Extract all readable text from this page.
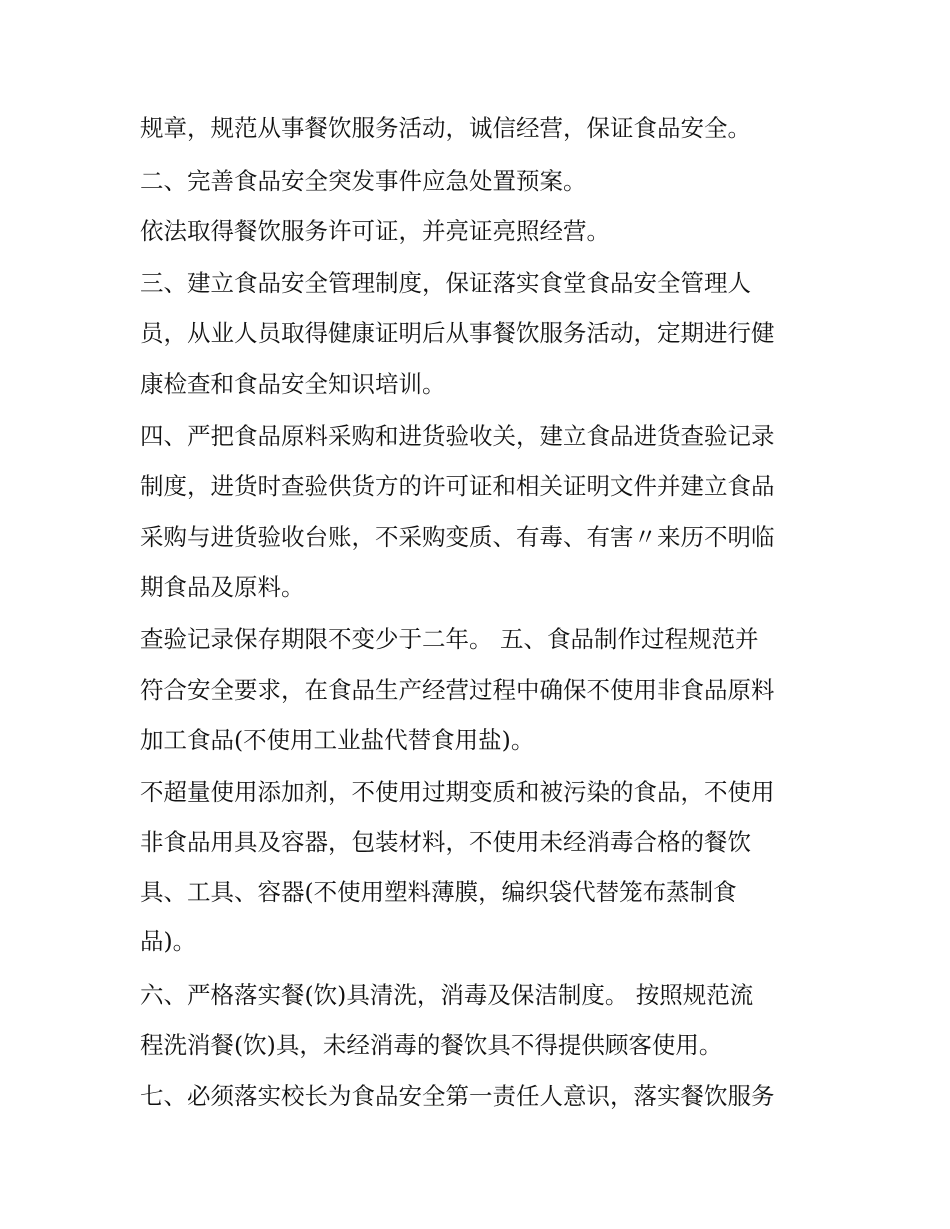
规章，规范从事餐饮服务活动，诚信经营，保证食品安全。
二、完善食品安全突发事件应急处置预案。
依法取得餐饮服务许可证，并亮证亮照经营。
三、建立食品安全管理制度，保证落实食堂食品安全管理人
员，从业人员取得健康证明后从事餐饮服务活动，定期进行健
康检查和食品安全知识培训。
四、严把食品原料采购和进货验收关，建立食品进货查验记录
制度，进货时查验供货方的许可证和相关证明文件并建立食品
采购与进货验收台账，不采购变质、有毒、有害〃来历不明临
期食品及原料。
查验记录保存期限不变少于二年。 五、食品制作过程规范并
符合安全要求，在食品生产经营过程中确保不使用非食品原料
加工食品(不使用工业盐代替食用盐)。
不超量使用添加剂，不使用过期变质和被污染的食品，不使用
非食品用具及容器，包装材料，不使用未经消毒合格的餐饮
具、工具、容器(不使用塑料薄膜，编织袋代替笼布蒸制食
品)。
六、严格落实餐(饮)具清洗，消毒及保洁制度。 按照规范流
程洗消餐(饮)具，未经消毒的餐饮具不得提供顾客使用。
七、必须落实校长为食品安全第一责任人意识，落实餐饮服务
